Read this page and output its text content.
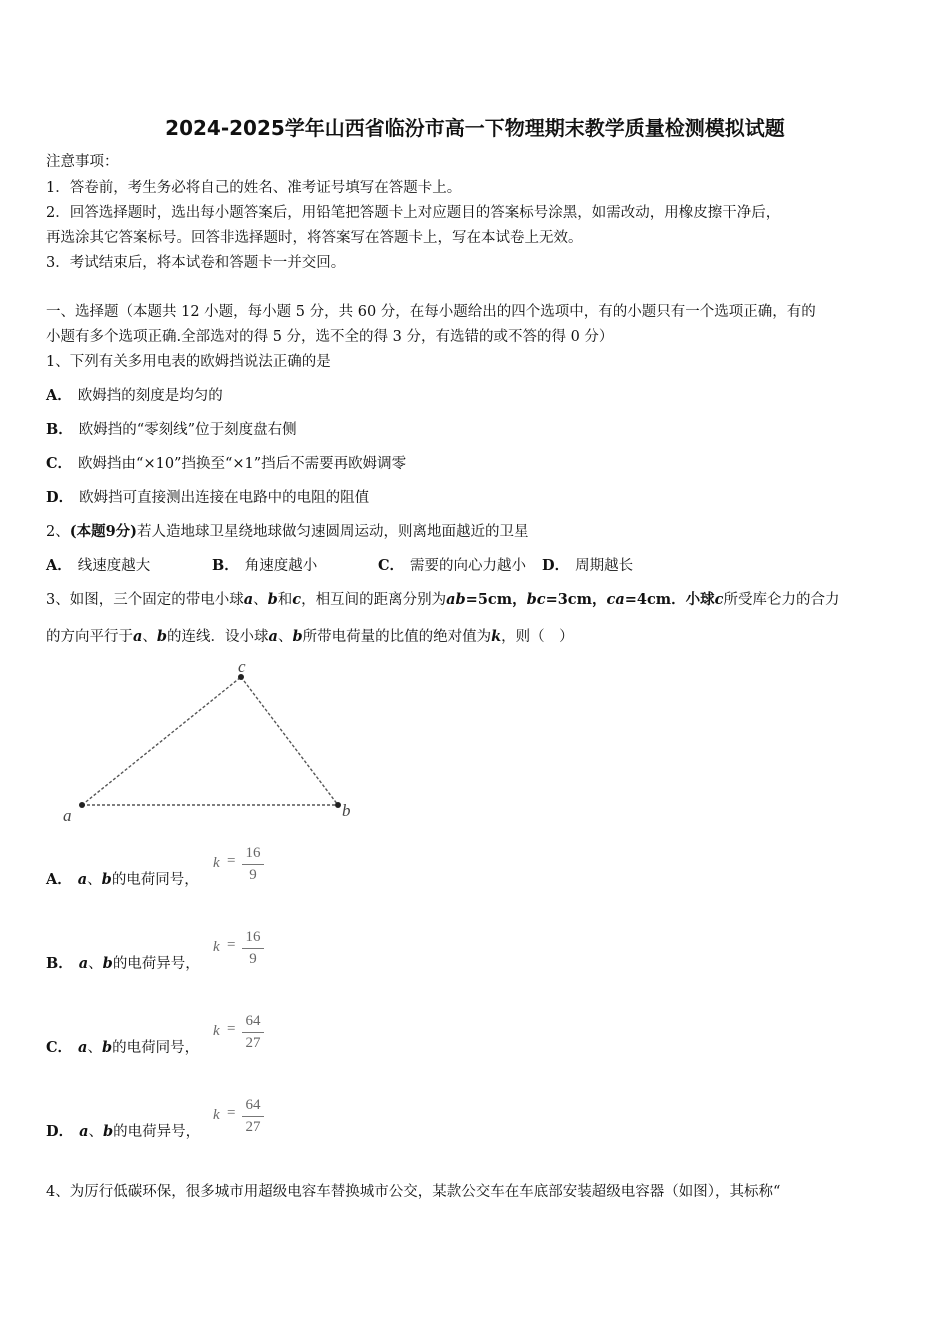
2024-2025学年山西省临汾市高一下物理期末教学质量检测模拟试题
注意事项：
1．答卷前，考生务必将自己的姓名、准考证号填写在答题卡上。
2．回答选择题时，选出每小题答案后，用铅笔把答题卡上对应题目的答案标号涂黑，如需改动，用橡皮擦干净后，
再选涂其它答案标号。回答非选择题时，将答案写在答题卡上，写在本试卷上无效。
3．考试结束后，将本试卷和答题卡一并交回。
一、选择题（本题共 12 小题，每小题 5 分，共 60 分，在每小题给出的四个选项中，有的小题只有一个选项正确，有的
小题有多个选项正确.全部选对的得 5 分，选不全的得 3 分，有选错的或不答的得 0 分）
1、下列有关多用电表的欧姆挡说法正确的是
A． 欧姆挡的刻度是均匀的
B． 欧姆挡的“零刻线”位于刻度盘右侧
C． 欧姆挡由“×10”挡换至“×1”挡后不需要再欧姆调零
D． 欧姆挡可直接测出连接在电路中的电阻的阻值
2、(本题9分)若人造地球卫星绕地球做匀速圆周运动，则离地面越近的卫星
A． 线速度越大	B． 角速度越小	C． 需要的向心力越小 D． 周期越长
3、如图，三个固定的带电小球a、b和c，相互间的距离分别为ab=5cm，bc=3cm，ca=4cm．小球c所受库仑力的合力
的方向平行于a、b的连线．设小球a、b所带电荷量的比值的绝对值为k，则（　）
a	b
c
A． a、b的电荷同号，
k = 16
9
B． a、b的电荷异号，
k = 16
9
C． a、b的电荷同号，
k = 64
27
D． a、b的电荷异号，
k = 64
27
4、为厉行低碳环保，很多城市用超级电容车替换城市公交，某款公交车在车底部安装超级电容器（如图），其标称“
